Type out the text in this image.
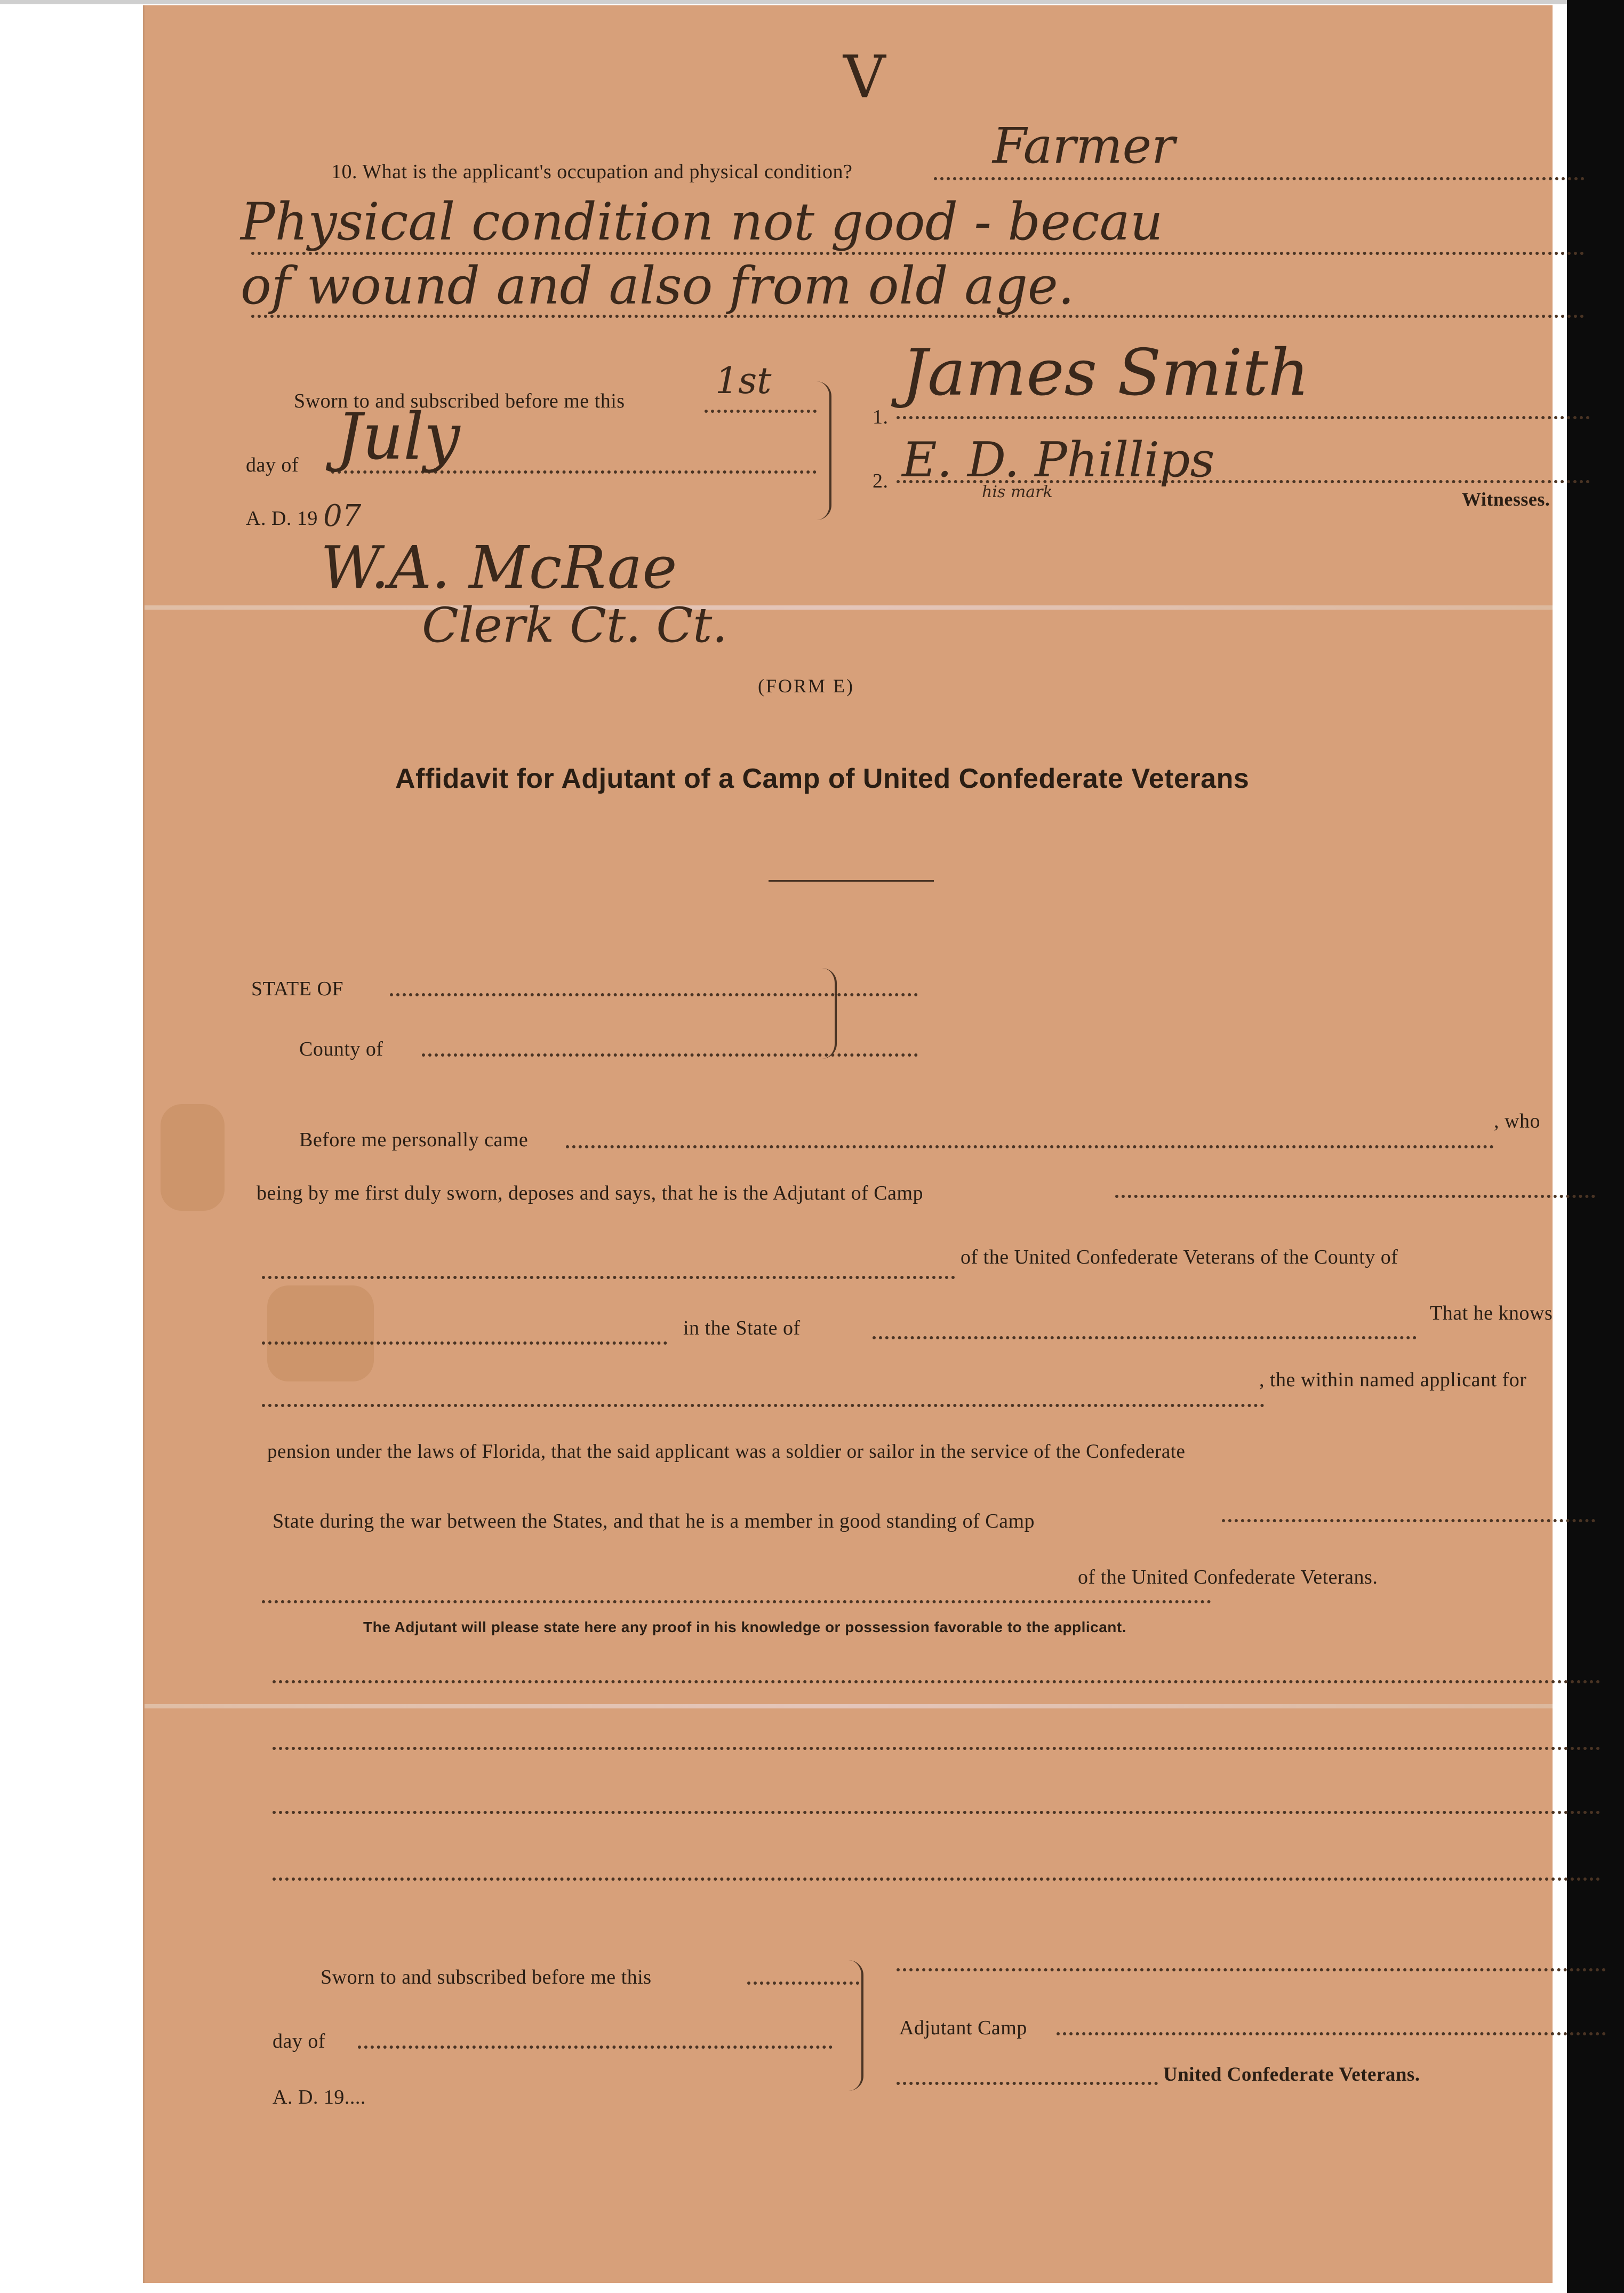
V
10. What is the applicant's occupation and physical condition?	Farmer
Physical condition not good - becau
of wound and also from old age.
Sworn to and subscribed before me this 1st
day of July
A. D. 19 07
W.A. McRae
Clerk Ct. Ct.
1.
James Smith
2. E. D. Phillips
his mark	Witnesses.
(FORM E)
Affidavit for Adjutant of a Camp of United Confederate Veterans
STATE OF
County of
Before me personally came
, who
being by me first duly sworn, deposes and says, that he is the Adjutant of Camp
of the United Confederate Veterans of the County of
in the State of
That he knows
, the within named applicant for
pension under the laws of Florida, that the said applicant was a soldier or sailor in the service of the Confederate
State during the war between the States, and that he is a member in good standing of Camp
of the United Confederate Veterans.
The Adjutant will please state here any proof in his knowledge or possession favorable to the applicant.
Sworn to and subscribed before me this
day of
A. D. 19....
Adjutant Camp
United Confederate Veterans.
